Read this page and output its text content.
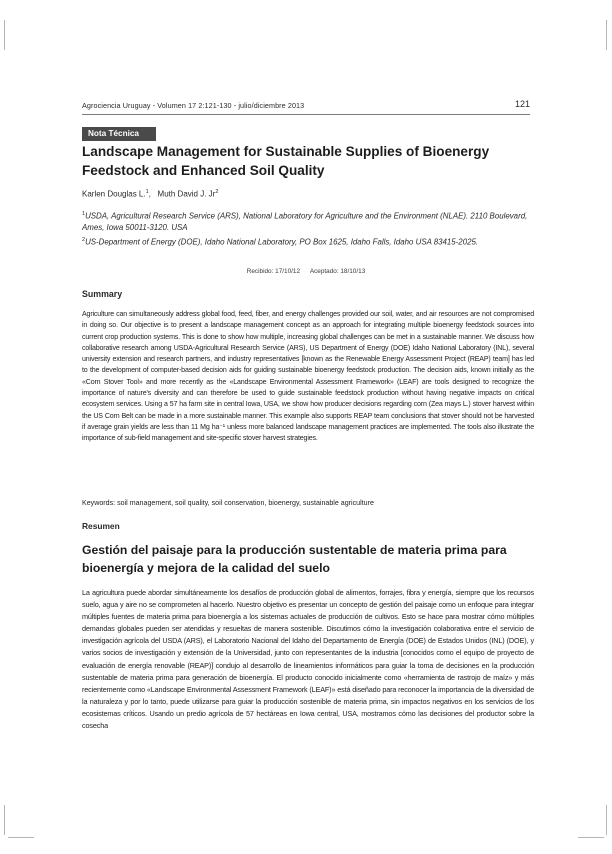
Agrociencia Uruguay - Volumen 17 2:121-130 - julio/diciembre 2013	121
Nota Técnica
Landscape Management for Sustainable Supplies of Bioenergy Feedstock and Enhanced Soil Quality
Karlen Douglas L.$^1$,   Muth David J. Jr$^2$
$^1$USDA, Agricultural Research Service (ARS), National Laboratory for Agriculture and the Environment (NLAE). 2110 Boulevard, Ames, Iowa 50011-3120. USA
$^2$US-Department of Energy (DOE), Idaho National Laboratory, PO Box 1625, Idaho Falls, Idaho USA 83415-2025.
Recibido: 17/10/12 Aceptado: 18/10/13
Summary
Agriculture can simultaneously address global food, feed, fiber, and energy challenges provided our soil, water, and air resources are not compromised in doing so. Our objective is to present a landscape management concept as an approach for integrating multiple bioenergy feedstock sources into current crop production systems. This is done to show how multiple, increasing global challenges can be met in a sustainable manner. We discuss how collaborative research among USDA-Agricultural Research Service (ARS), US Department of Energy (DOE) Idaho National Laboratory (INL), several university extension and research partners, and industry representatives [known as the Renewable Energy Assessment Project (REAP) team] has led to the development of computer-based decision aids for guiding sustainable bioenergy feedstock production. The decision aids, known initially as the «Corn Stover Tool» and more recently as the «Landscape Environmental Assessment Framework» (LEAF) are tools designed to recognize the importance of nature's diversity and can therefore be used to guide sustainable feedstock production without having negative impacts on critical ecosystem services. Using a 57 ha farm site in central Iowa, USA, we show how producer decisions regarding corn (Zea mays L.) stover harvest within the US Corn Belt can be made in a more sustainable manner. This example also supports REAP team conclusions that stover should not be harvested if average grain yields are less than 11 Mg ha⁻¹ unless more balanced landscape management practices are implemented. The tools also illustrate the importance of sub-field management and site-specific stover harvest strategies.
Keywords: soil management, soil quality, soil conservation, bioenergy, sustainable agriculture
Resumen
Gestión del paisaje para la producción sustentable de materia prima para bioenergía y mejora de la calidad del suelo
La agricultura puede abordar simultáneamente los desafíos de producción global de alimentos, forrajes, fibra y energía, siempre que los recursos suelo, agua y aire no se comprometen al hacerlo. Nuestro objetivo es presentar un concepto de gestión del paisaje como un enfoque para integrar múltiples fuentes de materia prima para bioenergía a los sistemas actuales de producción de cultivos. Esto se hace para mostrar cómo múltiples demandas globales pueden ser atendidas y resueltas de manera sostenible. Discutimos cómo la investigación colaborativa entre el servicio de investigación agrícola del USDA (ARS), el Laboratorio Nacional del Idaho del Departamento de Energía (DOE) de Estados Unidos (INL) (DOE), y varios socios de investigación y extensión de la Universidad, junto con representantes de la industria [conocidos como el equipo de proyecto de evaluación de energía renovable (REAP)] condujo al desarrollo de lineamientos informáticos para guiar la toma de decisiones en la producción sustentable de materia prima para generación de bioenergía. El producto conocido inicialmente como «herramienta de rastrojo de maíz» y más recientemente como «Landscape Environmental Assessment Framework (LEAF)» está diseñado para reconocer la importancia de la diversidad de la naturaleza y por lo tanto, puede utilizarse para guiar la producción sostenible de materia prima, sin impactos negativos en los servicios de los ecosistemas críticos. Usando un predio agrícola de 57 hectáreas en Iowa central, USA, mostramos cómo las decisiones del productor sobre la cosecha
